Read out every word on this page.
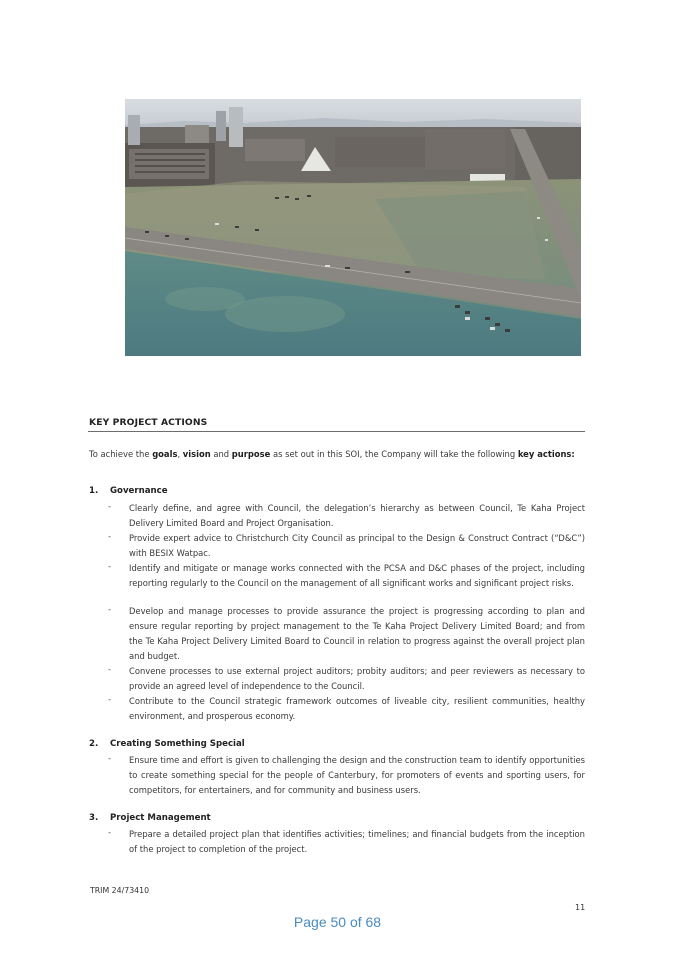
KEY PROJECT ACTIONS
To achieve the goals, vision and purpose as set out in this SOI, the Company will take the following key actions:
1. Governance
- Clearly define, and agree with Council, the delegation’s hierarchy as between Council, Te Kaha Project Delivery Limited Board and Project Organisation.
- Provide expert advice to Christchurch City Council as principal to the Design & Construct Contract (“D&C”) with BESIX Watpac.
- Identify and mitigate or manage works connected with the PCSA and D&C phases of the project, including reporting regularly to the Council on the management of all significant works and significant project risks.
- Develop and manage processes to provide assurance the project is progressing according to plan and ensure regular reporting by project management to the Te Kaha Project Delivery Limited Board; and from the Te Kaha Project Delivery Limited Board to Council in relation to progress against the overall project plan and budget.
- Convene processes to use external project auditors; probity auditors; and peer reviewers as necessary to provide an agreed level of independence to the Council.
- Contribute to the Council strategic framework outcomes of liveable city, resilient communities, healthy environment, and prosperous economy.
2. Creating Something Special
- Ensure time and effort is given to challenging the design and the construction team to identify opportunities to create something special for the people of Canterbury, for promoters of events and sporting users, for competitors, for entertainers, and for community and business users.
3. Project Management
- Prepare a detailed project plan that identifies activities; timelines; and financial budgets from the inception of the project to completion of the project.
TRIM 24/73410
11
Page 50 of 68
